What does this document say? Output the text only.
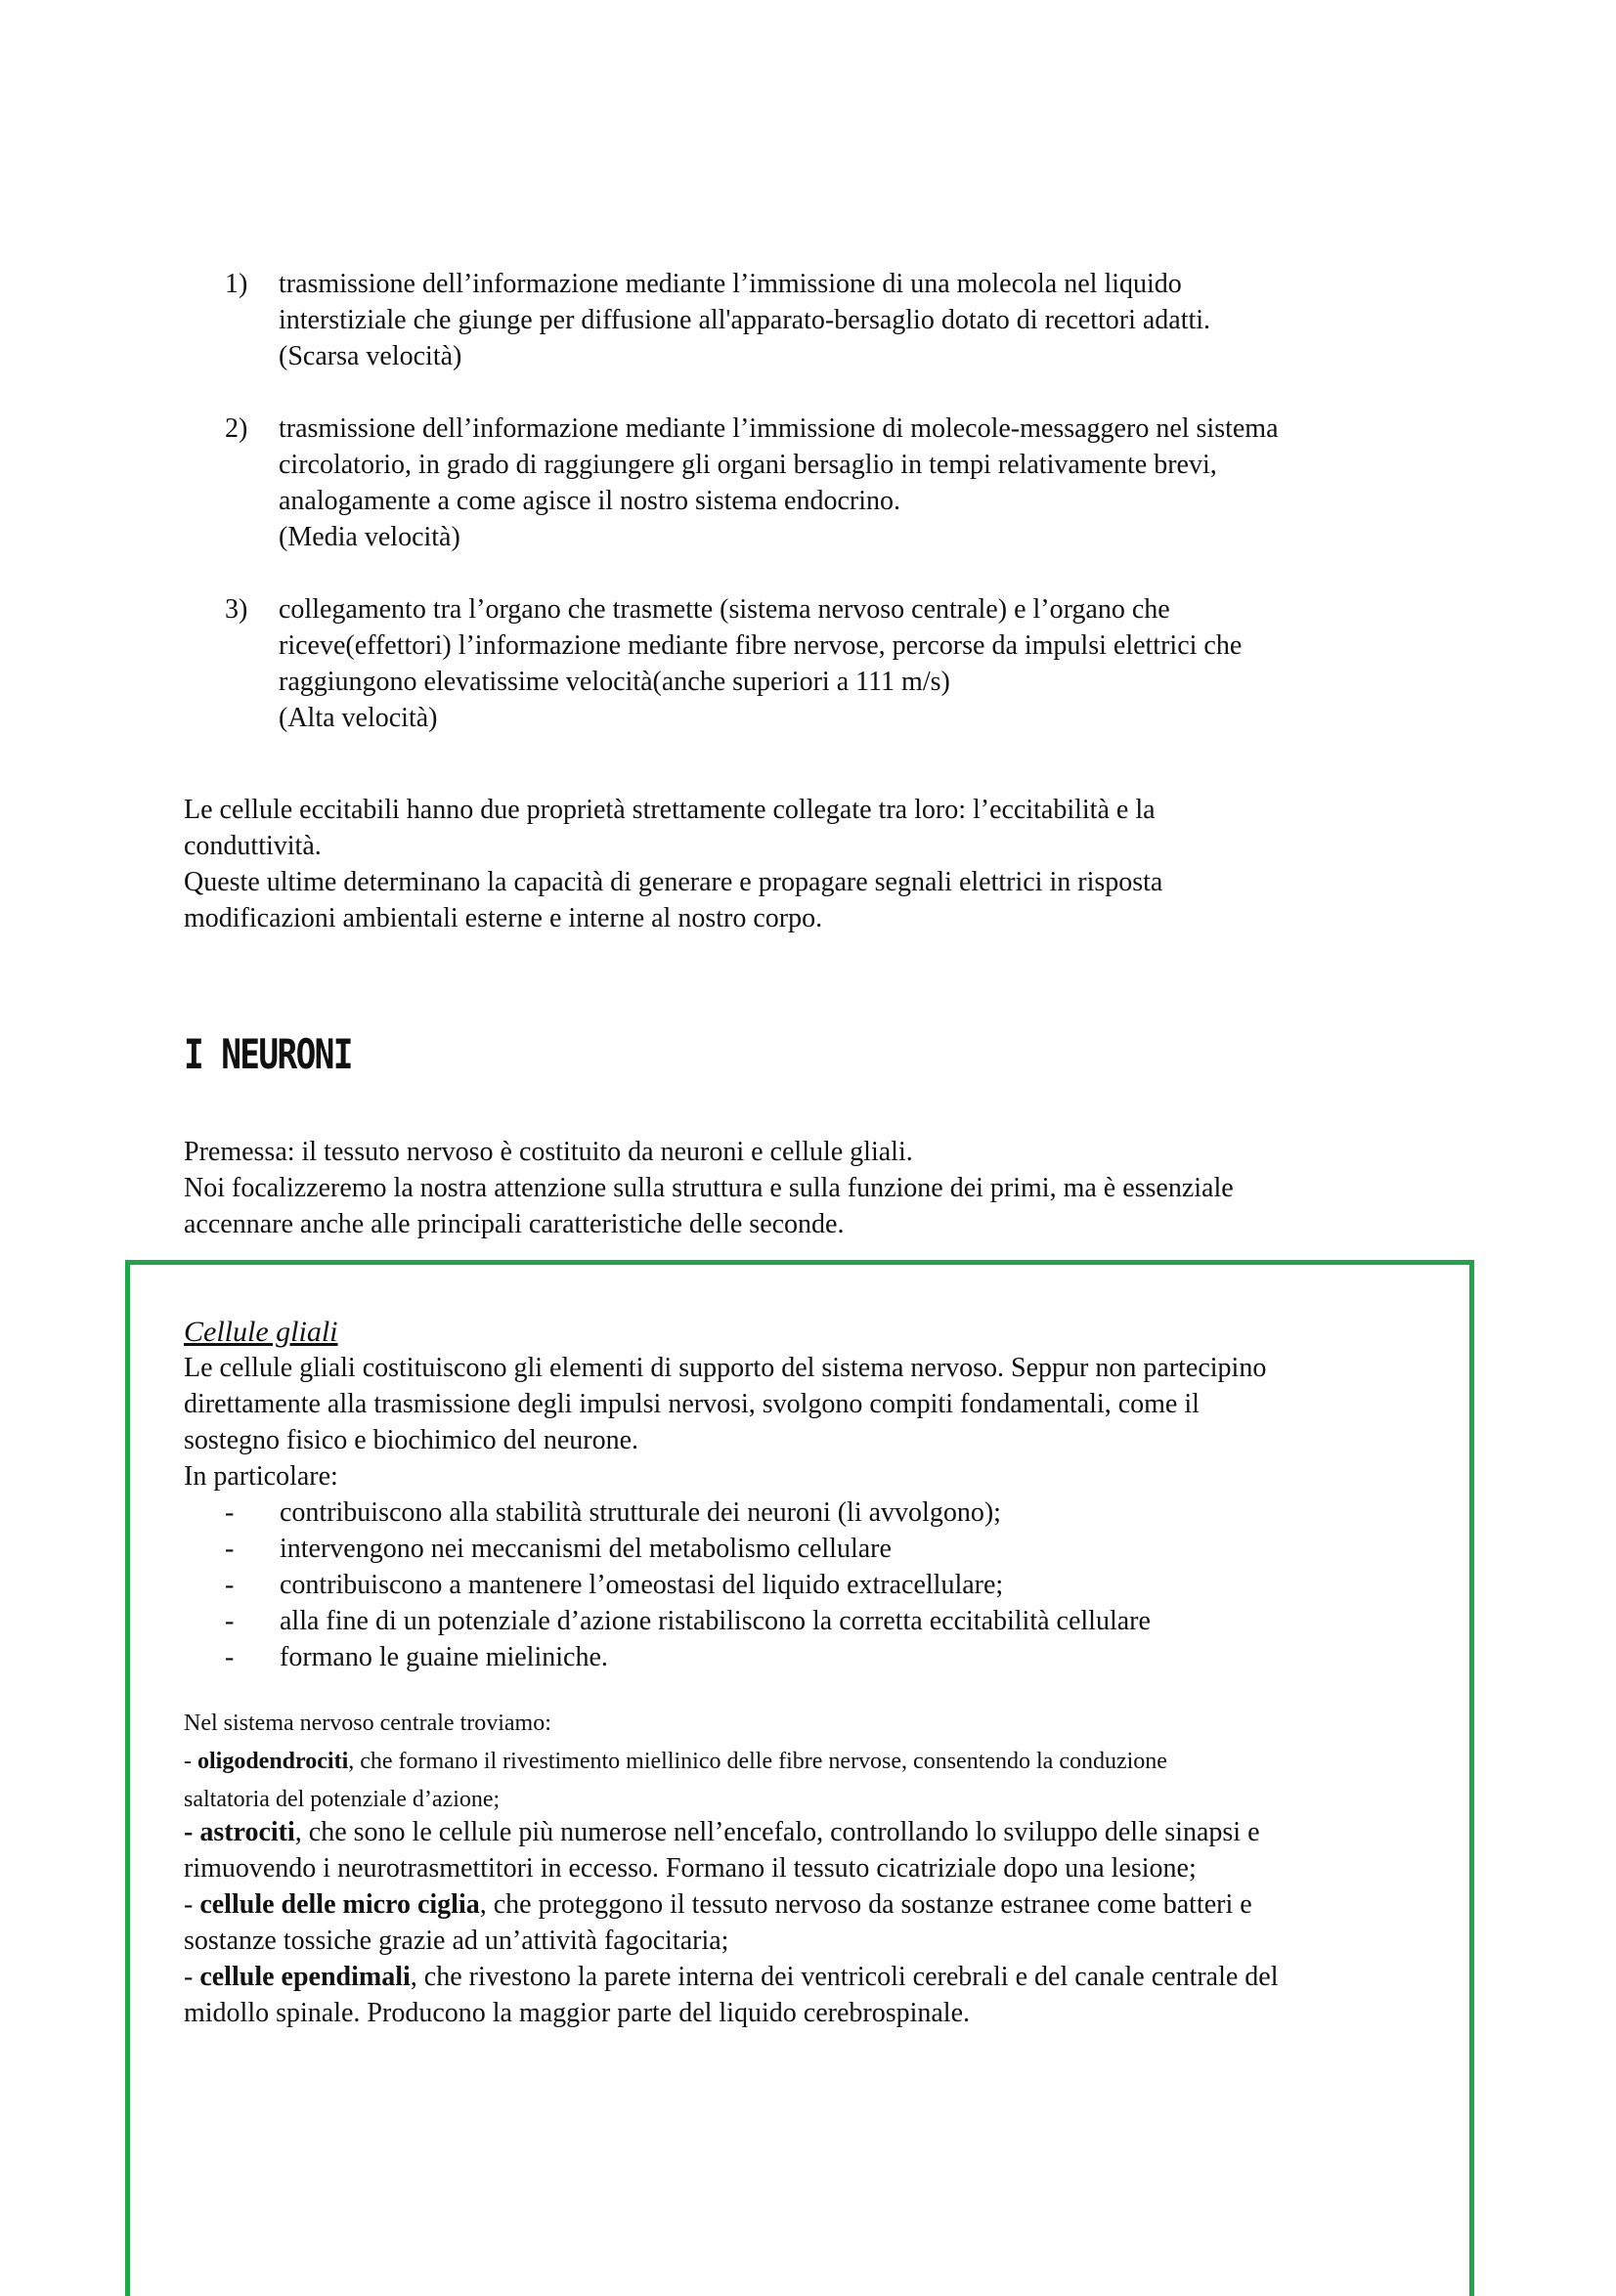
1)	trasmissione dell’informazione mediante l’immissione di una molecola nel liquido
interstiziale che giunge per diffusione all'apparato-bersaglio dotato di recettori adatti.
(Scarsa velocità)
2)	trasmissione dell’informazione mediante l’immissione di molecole-messaggero nel sistema
circolatorio, in grado di raggiungere gli organi bersaglio in tempi relativamente brevi,
analogamente a come agisce il nostro sistema endocrino.
(Media velocità)
3)	collegamento tra l’organo che trasmette (sistema nervoso centrale) e l’organo che
riceve(effettori) l’informazione mediante fibre nervose, percorse da impulsi elettrici che
raggiungono elevatissime velocità(anche superiori a 111 m/s)
(Alta velocità)
Le cellule eccitabili hanno due proprietà strettamente collegate tra loro: l’eccitabilità e la
conduttività.
Queste ultime determinano la capacità di generare e propagare segnali elettrici in risposta
modificazioni ambientali esterne e interne al nostro corpo.
I NEURONI
Premessa: il tessuto nervoso è costituito da neuroni e cellule gliali.
Noi focalizzeremo la nostra attenzione sulla struttura e sulla funzione dei primi, ma è essenziale
accennare anche alle principali caratteristiche delle seconde.
Cellule gliali
Le cellule gliali costituiscono gli elementi di supporto del sistema nervoso. Seppur non partecipino
direttamente alla trasmissione degli impulsi nervosi, svolgono compiti fondamentali, come il
sostegno fisico e biochimico del neurone.
In particolare:
-	contribuiscono alla stabilità strutturale dei neuroni (li avvolgono);
-	intervengono nei meccanismi del metabolismo cellulare
-	contribuiscono a mantenere l’omeostasi del liquido extracellulare;
-	alla fine di un potenziale d’azione ristabiliscono la corretta eccitabilità cellulare
-	formano le guaine mieliniche.
Nel sistema nervoso centrale troviamo:
- oligodendrociti, che formano il rivestimento miellinico delle fibre nervose, consentendo la conduzione
saltatoria del potenziale d’azione;
- astrociti, che sono le cellule più numerose nell’encefalo, controllando lo sviluppo delle sinapsi e
rimuovendo i neurotrasmettitori in eccesso. Formano il tessuto cicatriziale dopo una lesione;
- cellule delle micro ciglia, che proteggono il tessuto nervoso da sostanze estranee come batteri e
sostanze tossiche grazie ad un’attività fagocitaria;
- cellule ependimali, che rivestono la parete interna dei ventricoli cerebrali e del canale centrale del
midollo spinale. Producono la maggior parte del liquido cerebrospinale.
